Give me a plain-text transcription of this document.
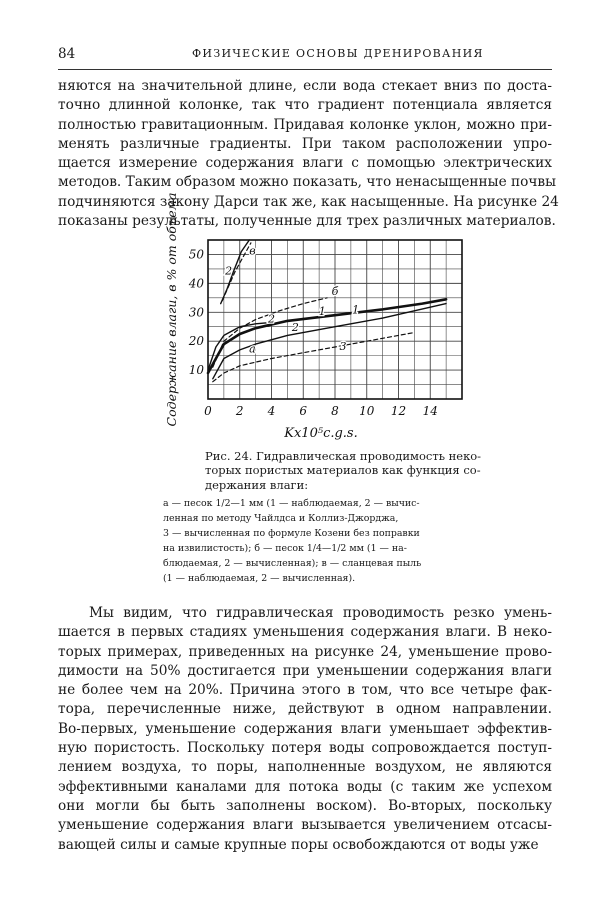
84	ФИЗИЧЕСКИЕ ОСНОВЫ ДРЕНИРОВАНИЯ
няются на значительной длине, если вода стекает вниз по доста-
точно длинной колонке, так что градиент потенциала является
полностью гравитационным. Придавая колонке уклон, можно при-
менять различные градиенты. При таком расположении упро-
щается измерение содержания влаги с помощью электрических
методов. Таким образом можно показать, что ненасыщенные почвы
подчиняются закону Дарси так же, как насыщенные. На рисунке 24
показаны результаты, полученные для трех различных материалов.
0 2 4 6 8 10 12 14
10
20
30
40
50
Kx10⁵c.g.s.
Содержание влаги, в % от объема	б
1
2
3
а
2
1
2
в
Рис. 24. Гидравлическая проводимость неко-
торых пористых материалов как функция со-
держания влаги:
а — песок 1/2—1 мм (1 — наблюдаемая, 2 — вычис-
ленная по методу Чайлдса и Коллиз-Джорджа,
3 — вычисленная по формуле Козени без поправки
на извилистость); б — песок 1/4—1/2 мм (1 — на-
блюдаемая, 2 — вычисленная); в — сланцевая пыль
(1 — наблюдаемая, 2 — вычисленная).
Мы видим, что гидравлическая проводимость резко умень-
шается в первых стадиях уменьшения содержания влаги. В неко-
торых примерах, приведенных на рисунке 24, уменьшение прово-
димости на 50% достигается при уменьшении содержания влаги
не более чем на 20%. Причина этого в том, что все четыре фак-
тора, перечисленные ниже, действуют в одном направлении.
Во-первых, уменьшение содержания влаги уменьшает эффектив-
ную пористость. Поскольку потеря воды сопровождается поступ-
лением воздуха, то поры, наполненные воздухом, не являются
эффективными каналами для потока воды (с таким же успехом
они могли бы быть заполнены воском). Во-вторых, поскольку
уменьшение содержания влаги вызывается увеличением отсасы-
вающей силы и самые крупные поры освобождаются от воды уже
